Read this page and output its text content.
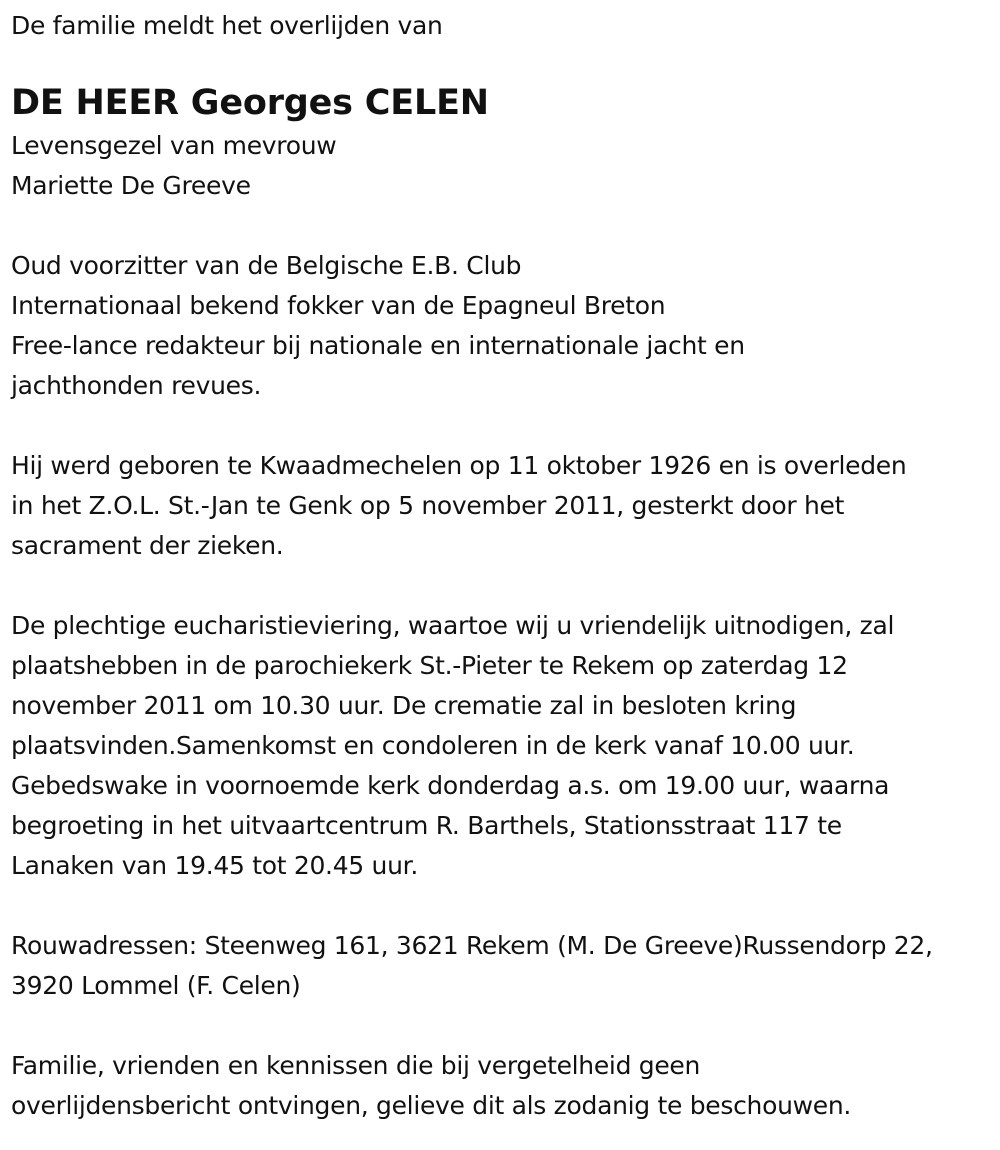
De familie meldt het overlijden van
DE HEER Georges CELEN
Levensgezel van mevrouw
Mariette De Greeve
Oud voorzitter van de Belgische E.B. Club
Internationaal bekend fokker van de Epagneul Breton
Free-lance redakteur bij nationale en internationale jacht en
jachthonden revues.
Hij werd geboren te Kwaadmechelen op 11 oktober 1926 en is overleden
in het Z.O.L. St.-Jan te Genk op 5 november 2011, gesterkt door het
sacrament der zieken.
De plechtige eucharistieviering, waartoe wij u vriendelijk uitnodigen, zal
plaatshebben in de parochiekerk St.-Pieter te Rekem op zaterdag 12
november 2011 om 10.30 uur. De crematie zal in besloten kring
plaatsvinden.Samenkomst en condoleren in de kerk vanaf 10.00 uur.
Gebedswake in voornoemde kerk donderdag a.s. om 19.00 uur, waarna
begroeting in het uitvaartcentrum R. Barthels, Stationsstraat 117 te
Lanaken van 19.45 tot 20.45 uur.
Rouwadressen: Steenweg 161, 3621 Rekem (M. De Greeve)Russendorp 22,
3920 Lommel (F. Celen)
Familie, vrienden en kennissen die bij vergetelheid geen
overlijdensbericht ontvingen, gelieve dit als zodanig te beschouwen.
